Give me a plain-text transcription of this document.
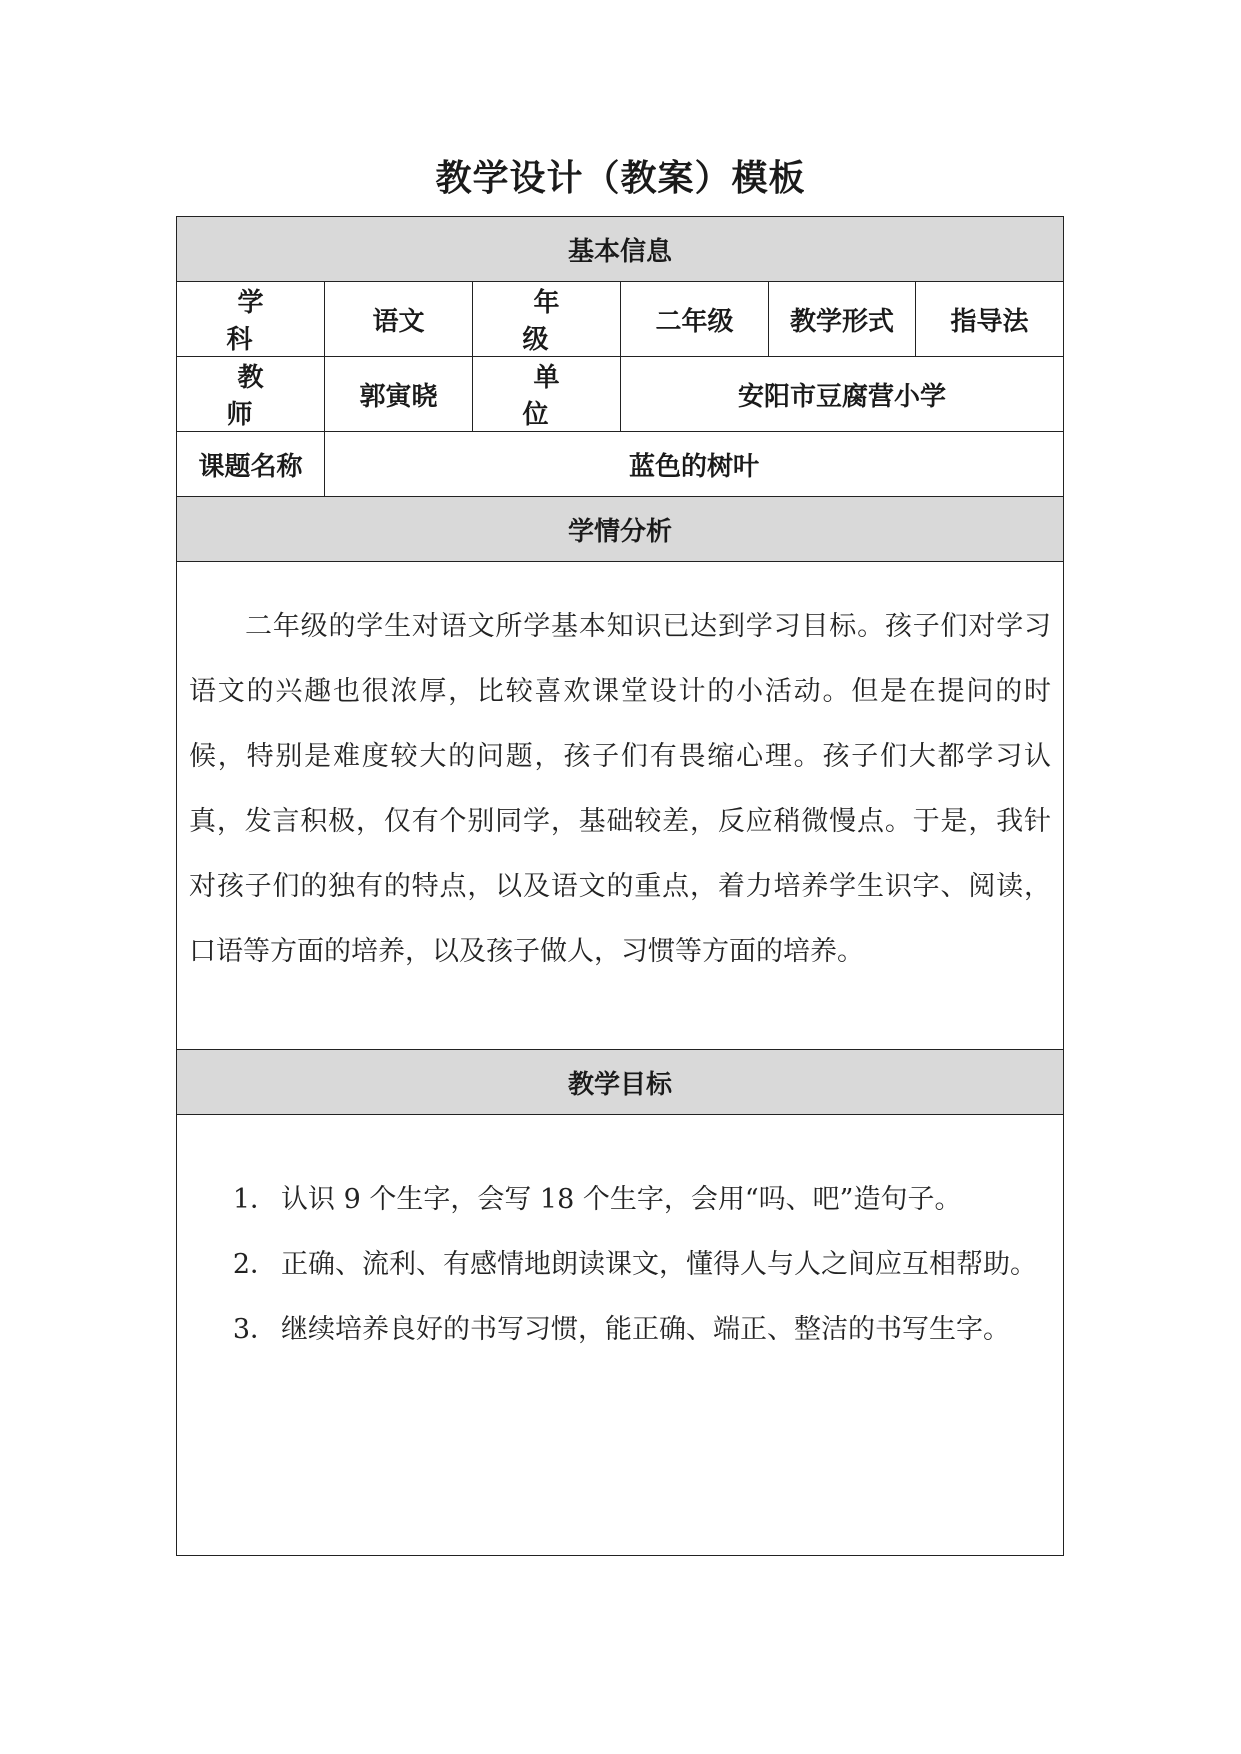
教学设计（教案）模板
基本信息					
学 科	语文	年 级	二年级	教学形式	指导法
教 师	郭寅晓	单 位	安阳市豆腐营小学		
课题名称	蓝色的树叶				
学情分析					

二年级的学生对语文所学基本知识已达到学习目标。孩子们对学习语文的兴趣也很浓厚，比较喜欢课堂设计的小活动。但是在提问的时候，特别是难度较大的问题，孩子们有畏缩心理。孩子们大都学习认真，发言积极，仅有个别同学，基础较差，反应稍微慢点。于是，我针对孩子们的独有的特点，以及语文的重点，着力培养学生识字、阅读，口语等方面的培养，以及孩子做人，习惯等方面的培养。					

教学目标					

1． 认识 9 个生字，会写 18 个生字，会用“吗、吧”造句子。

2． 正确、流利、有感情地朗读课文，懂得人与人之间应互相帮助。

3． 继续培养良好的书写习惯，能正确、端正、整洁的书写生字。					
